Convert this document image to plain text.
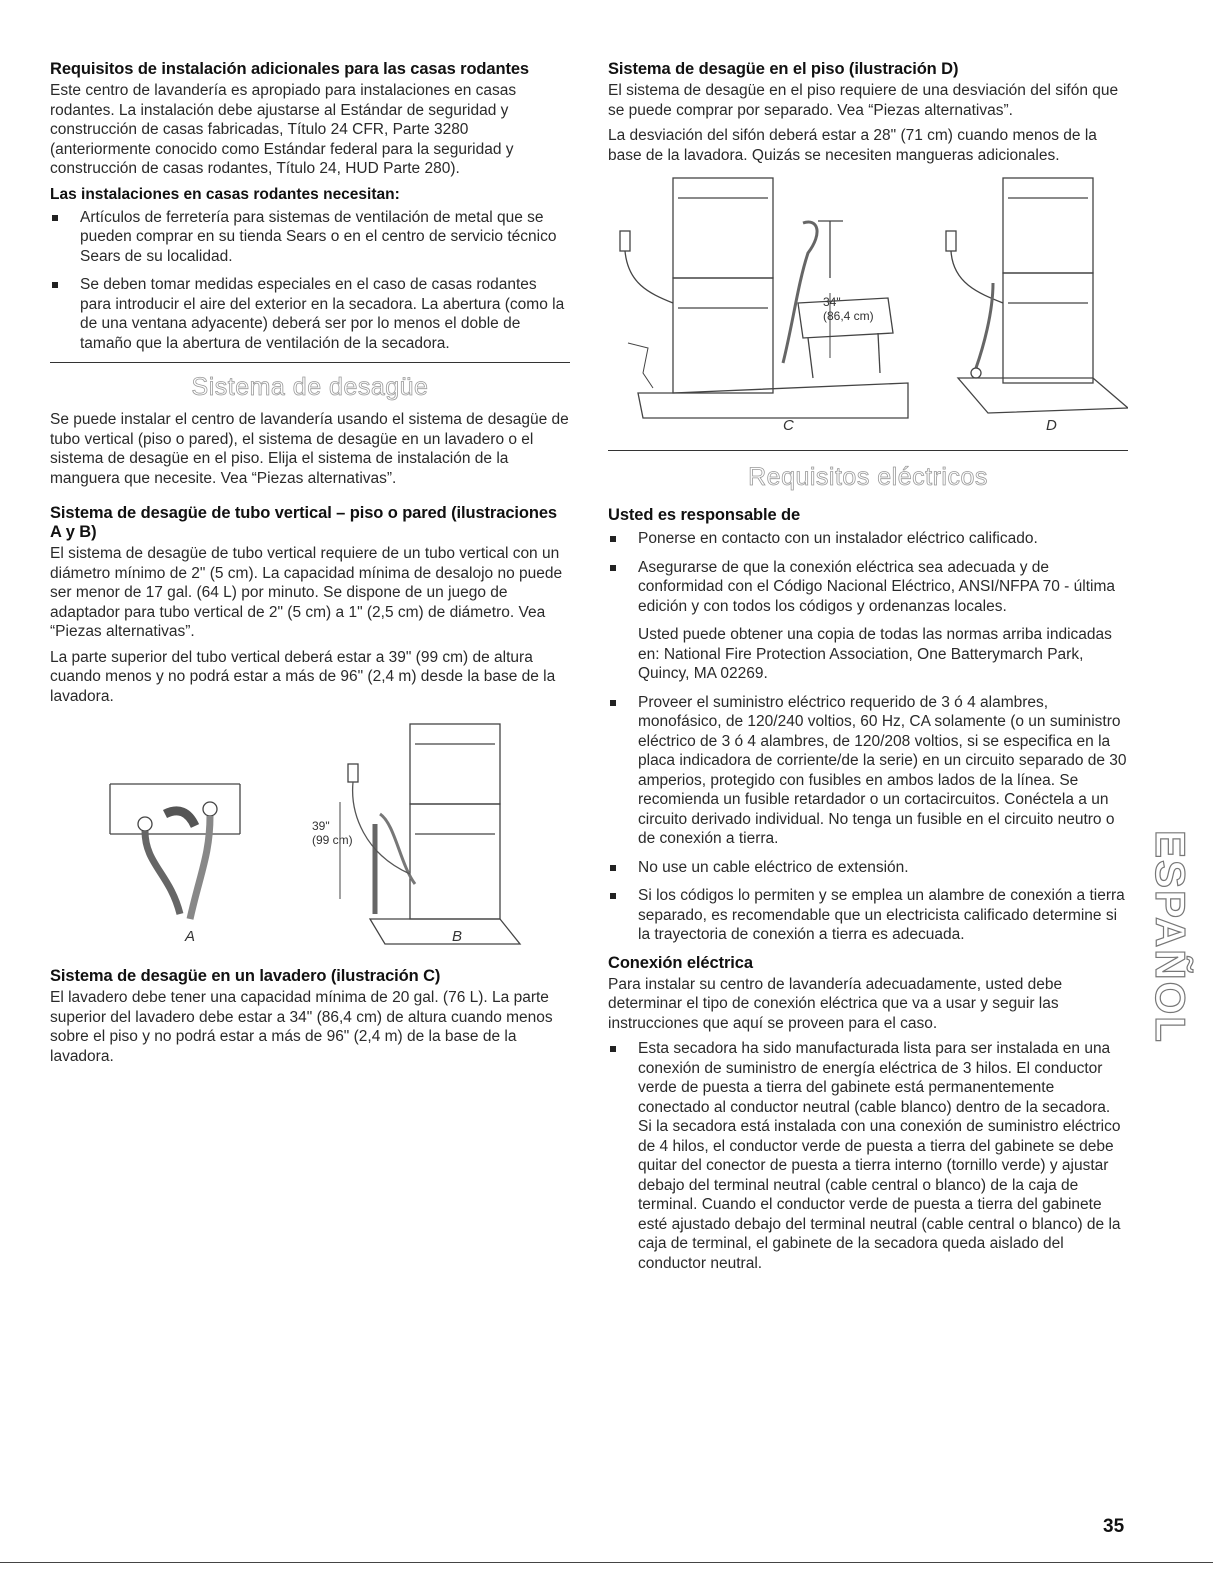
Requisitos de instalación adicionales para las casas rodantes

Este centro de lavandería es apropiado para instalaciones en casas rodantes. La instalación debe ajustarse al Estándar de seguridad y construcción de casas fabricadas, Título 24 CFR, Parte 3280 (anteriormente conocido como Estándar federal para la seguridad y construcción de casas rodantes, Título 24, HUD Parte 280).

Las instalaciones en casas rodantes necesitan:
Artículos de ferretería para sistemas de ventilación de metal que se pueden comprar en su tienda Sears o en el centro de servicio técnico Sears de su localidad.
Se deben tomar medidas especiales en el caso de casas rodantes para introducir el aire del exterior en la secadora. La abertura (como la de una ventana adyacente) deberá ser por lo menos el doble de tamaño que la abertura de ventilación de la secadora.
Sistema de desagüe

Se puede instalar el centro de lavandería usando el sistema de desagüe de tubo vertical (piso o pared), el sistema de desagüe en un lavadero o el sistema de desagüe en el piso. Elija el sistema de instalación de la manguera que necesite. Vea “Piezas alternativas”.

Sistema de desagüe de tubo vertical – piso o pared (ilustraciones A y B)

El sistema de desagüe de tubo vertical requiere de un tubo vertical con un diámetro mínimo de 2" (5 cm). La capacidad mínima de desalojo no puede ser menor de 17 gal. (64 L) por minuto. Se dispone de un juego de adaptador para tubo vertical de 2" (5 cm) a 1" (2,5 cm) de diámetro. Vea “Piezas alternativas”.

La parte superior del tubo vertical deberá estar a 39" (99 cm) de altura cuando menos y no podrá estar a más de 96" (2,4 m) desde la base de la lavadora.

39"
(99 cm)
A	B
Sistema de desagüe en un lavadero (ilustración C)

El lavadero debe tener una capacidad mínima de 20 gal. (76 L). La parte superior del lavadero debe estar a 34" (86,4 cm) de altura cuando menos sobre el piso y no podrá estar a más de 96" (2,4 m) de la base de la lavadora.

Sistema de desagüe en el piso (ilustración D)

El sistema de desagüe en el piso requiere de una desviación del sifón que se puede comprar por separado. Vea “Piezas alternativas”.

La desviación del sifón deberá estar a 28" (71 cm) cuando menos de la base de la lavadora. Quizás se necesiten mangueras adicionales.

34"
(86,4 cm)
C	D
Requisitos eléctricos
Usted es responsable de
Ponerse en contacto con un instalador eléctrico calificado.
Asegurarse de que la conexión eléctrica sea adecuada y de conformidad con el Código Nacional Eléctrico, ANSI/NFPA 70 - última edición y con todos los códigos y ordenanzas locales.
Usted puede obtener una copia de todas las normas arriba indicadas en: National Fire Protection Association, One Batterymarch Park, Quincy, MA 02269.
Proveer el suministro eléctrico requerido de 3 ó 4 alambres, monofásico, de 120/240 voltios, 60 Hz, CA solamente (o un suministro eléctrico de 3 ó 4 alambres, de 120/208 voltios, si se especifica en la placa indicadora de corriente/de la serie) en un circuito separado de 30 amperios, protegido con fusibles en ambos lados de la línea. Se recomienda un fusible retardador o un cortacircuitos. Conéctela a un circuito derivado individual. No tenga un fusible en el circuito neutro o de conexión a tierra.
No use un cable eléctrico de extensión.
Si los códigos lo permiten y se emplea un alambre de conexión a tierra separado, es recomendable que un electricista calificado determine si la trayectoria de conexión a tierra es adecuada.
Conexión eléctrica

Para instalar su centro de lavandería adecuadamente, usted debe determinar el tipo de conexión eléctrica que va a usar y seguir las instrucciones que aquí se proveen para el caso.

Esta secadora ha sido manufacturada lista para ser instalada en una conexión de suministro de energía eléctrica de 3 hilos. El conductor verde de puesta a tierra del gabinete está permanentemente conectado al conductor neutral (cable blanco) dentro de la secadora. Si la secadora está instalada con una conexión de suministro eléctrico de 4 hilos, el conductor verde de puesta a tierra del gabinete se debe quitar del conector de puesta a tierra interno (tornillo verde) y ajustar debajo del terminal neutral (cable central o blanco) de la caja de terminal. Cuando el conductor verde de puesta a tierra del gabinete esté ajustado debajo del terminal neutral (cable central o blanco) de la caja de terminal, el gabinete de la secadora queda aislado del conductor neutral.
ESPAÑOL
35
